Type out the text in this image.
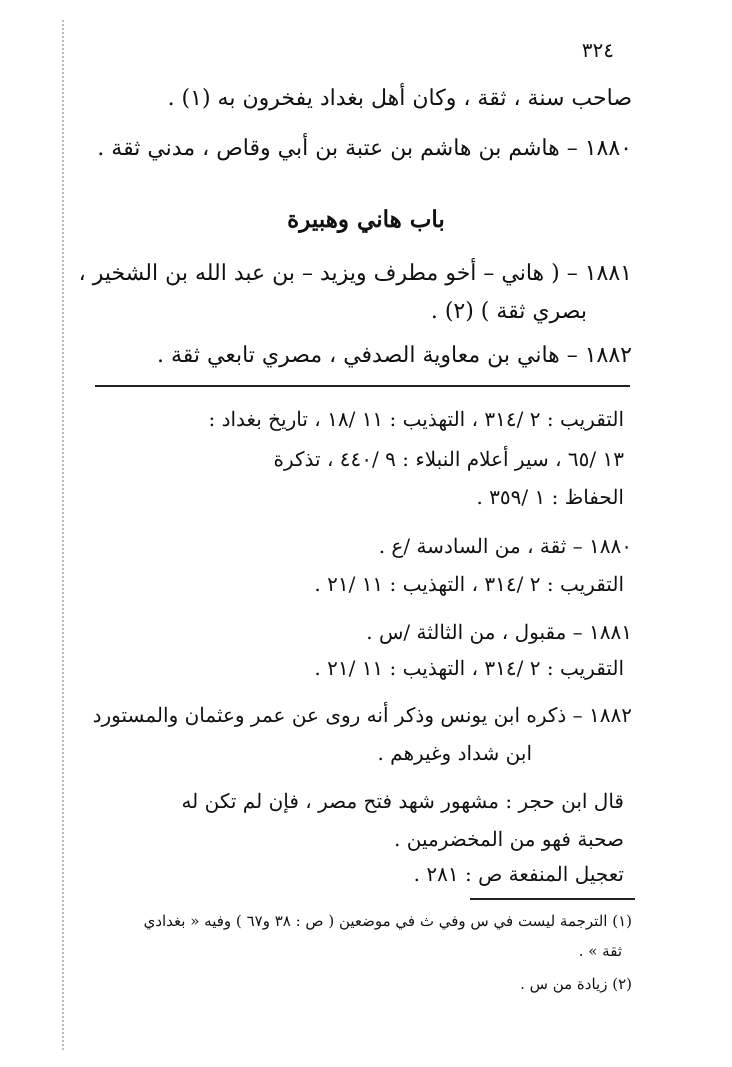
٣٢٤
صاحب سنة ، ثقة ، وكان أهل بغداد يفخرون به (١) .
١٨٨٠ – هاشم بن هاشم بن عتبة بن أبي وقاص ، مدني ثقة .
باب هاني وهبيرة
١٨٨١ – ( هاني – أخو مطرف ويزيد – بن عبد الله بن الشخير ،
بصري ثقة ) (٢) .
١٨٨٢ – هاني بن معاوية الصدفي ، مصري تابعي ثقة .
التقريب : ٢ /٣١٤ ، التهذيب : ١١ /١٨ ، تاريخ بغداد :
١٣ /٦٥ ، سير أعلام النبلاء : ٩ /٤٤٠ ، تذكرة
الحفاظ : ١ /٣٥٩ .
١٨٨٠ – ثقة ، من السادسة /ع .
التقريب : ٢ /٣١٤ ، التهذيب : ١١ /٢١ .
١٨٨١ – مقبول ، من الثالثة /س .
التقريب : ٢ /٣١٤ ، التهذيب : ١١ /٢١ .
١٨٨٢ – ذكره ابن يونس وذكر أنه روى عن عمر وعثمان والمستورد
ابن شداد وغيرهم .
قال ابن حجر : مشهور شهد فتح مصر ، فإن لم تكن له
صحبة فهو من المخضرمين .
تعجيل المنفعة ص : ٢٨١ .
(١) الترجمة ليست في س وفي ث في موضعين ( ص : ٣٨ و٦٧ ) وفيه « بغدادي
ثقة » .
(٢) زيادة من س .
